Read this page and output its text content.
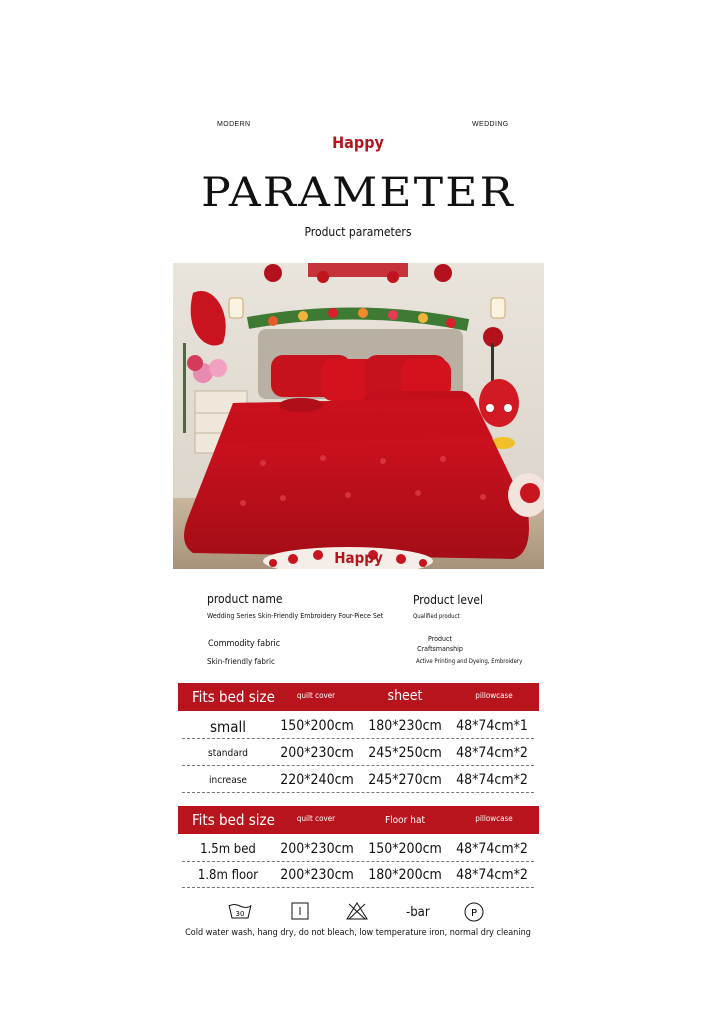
MODERN	WEDDING
Happy
PARAMETER
Product parameters
Happy
product name
Wedding Series Skin-Friendly Embroidery Four-Piece Set
Product level
Qualified product
Commodity fabric
Skin-friendly fabric
Product
Craftsmanship
Active Printing and Dyeing, Embroidery
Fits bed size	quilt cover	sheet	pillowcase
small	150*200cm	180*230cm	48*74cm*1
standard	200*230cm	245*250cm	48*74cm*2
increase	220*240cm	245*270cm	48*74cm*2
Fits bed size	quilt cover	Floor hat	pillowcase
1.5m bed	200*230cm	150*200cm	48*74cm*2
1.8m floor	200*230cm	180*200cm	48*74cm*2
30	-bar	P
Cold water wash, hang dry, do not bleach, low temperature iron, normal dry cleaning
